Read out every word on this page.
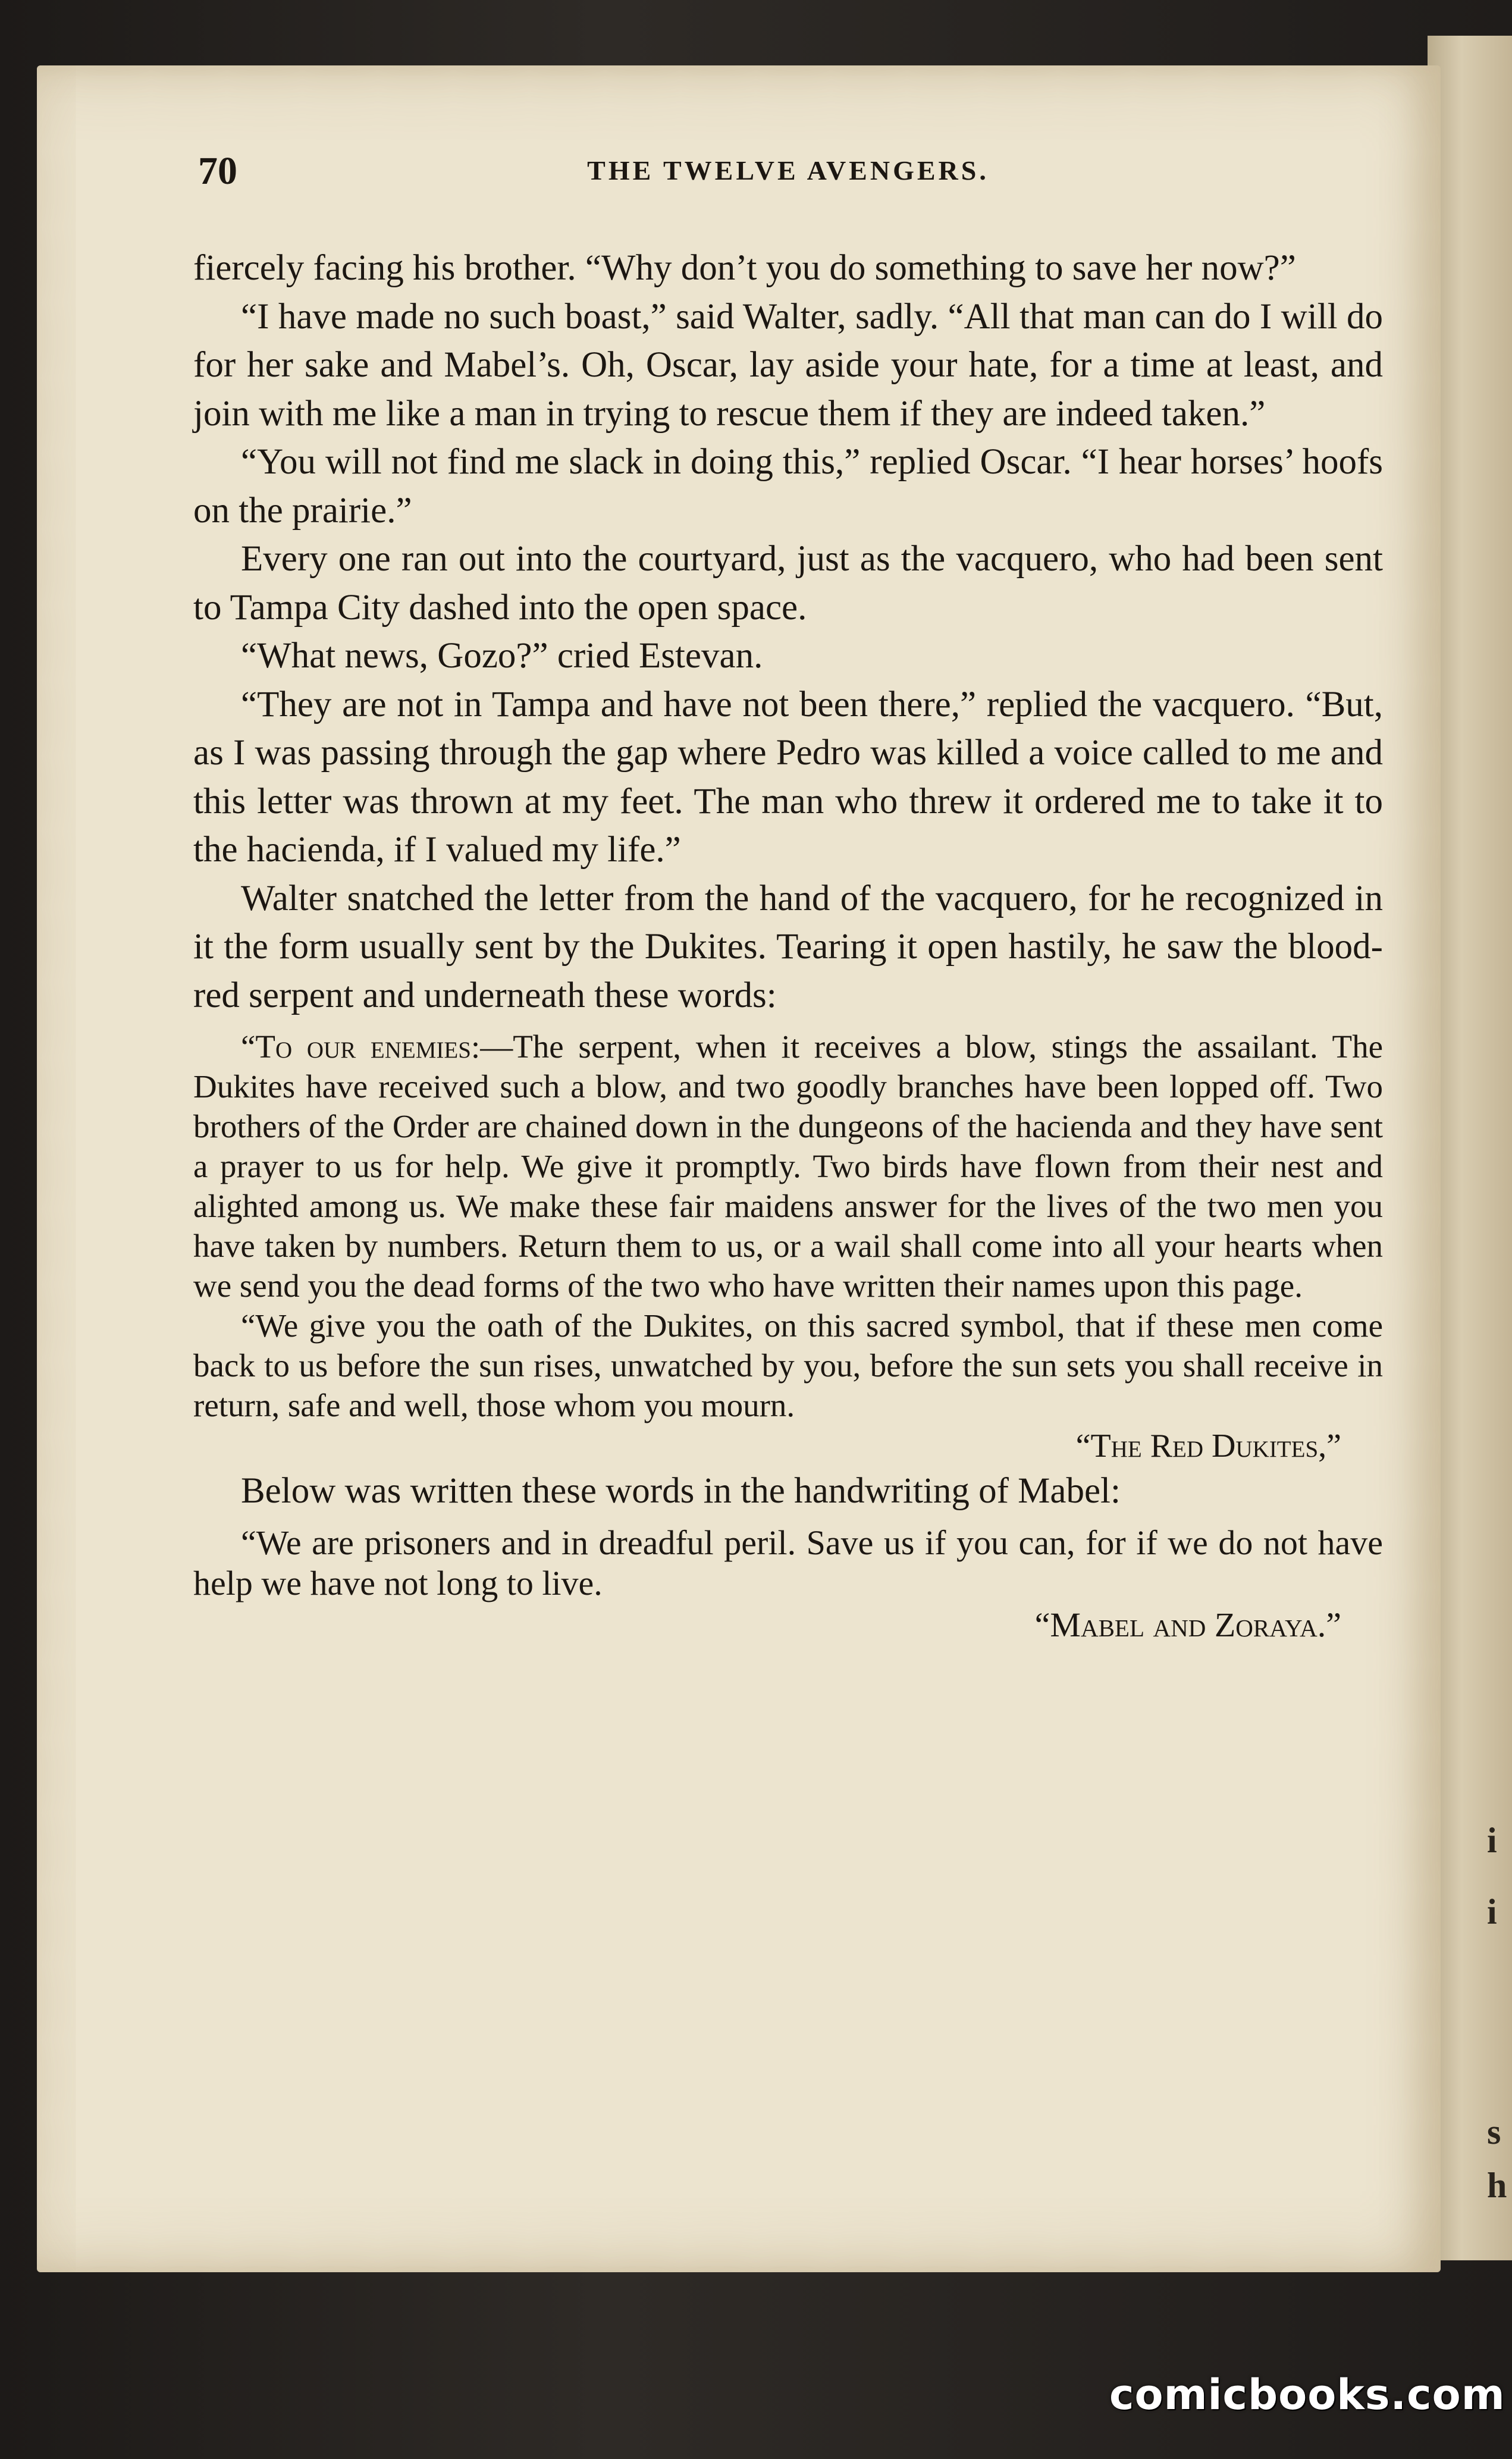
i
i
s
h
70	THE TWELVE AVENGERS.

fiercely facing his brother. “Why don’t you do something to save her now?”

“I have made no such boast,” said Walter, sadly. “All that man can do I will do for her sake and Mabel’s. Oh, Oscar, lay aside your hate, for a time at least, and join with me like a man in trying to rescue them if they are indeed taken.”

“You will not find me slack in doing this,” replied Oscar. “I hear horses’ hoofs on the prairie.”

Every one ran out into the courtyard, just as the vacquero, who had been sent to Tampa City dashed into the open space.

“What news, Gozo?” cried Estevan.

“They are not in Tampa and have not been there,” replied the vacquero. “But, as I was passing through the gap where Pedro was killed a voice called to me and this letter was thrown at my feet. The man who threw it ordered me to take it to the hacienda, if I valued my life.”

Walter snatched the letter from the hand of the vacquero, for he recognized in it the form usually sent by the Dukites. Tearing it open hastily, he saw the blood-red serpent and underneath these words:

“To our enemies:—The serpent, when it receives a blow, stings the assailant. The Dukites have received such a blow, and two goodly branches have been lopped off. Two brothers of the Order are chained down in the dungeons of the hacienda and they have sent a prayer to us for help. We give it promptly. Two birds have flown from their nest and alighted among us. We make these fair maidens answer for the lives of the two men you have taken by numbers. Return them to us, or a wail shall come into all your hearts when we send you the dead forms of the two who have written their names upon this page.

“We give you the oath of the Dukites, on this sacred symbol, that if these men come back to us before the sun rises, unwatched by you, before the sun sets you shall receive in return, safe and well, those whom you mourn.

“The Red Dukites,”

Below was written these words in the handwriting of Mabel:

“We are prisoners and in dreadful peril. Save us if you can, for if we do not have help we have not long to live.

“Mabel and Zoraya.”

comicbooks.com
